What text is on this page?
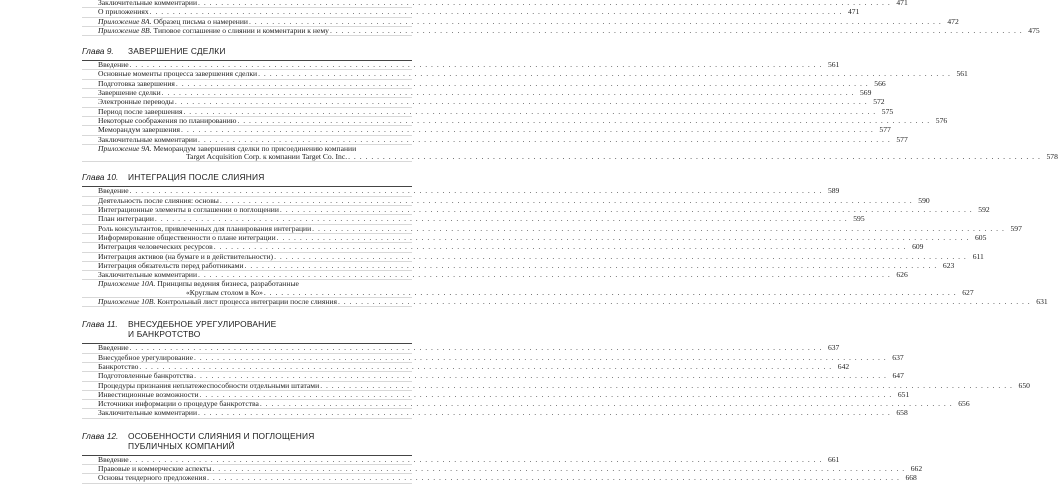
Заключительные комментарии . . . . . . . . . . . . . . . . . . . . . . . . . . . . . . . . . . . . . . . . . . . . . . . . . . . . . . . . . . . . . . . . . . . . . . . . . . . . . . . . . . . . . . . . . . . . . . . . . . . . . . . . . . . . . . . . . . . . . . . . 471
О приложениях . . . . . . . . . . . . . . . . . . . . . . . . . . . . . . . . . . . . . . . . . . . . . . . . . . . . . . . . . . . . . . . . . . . . . . . . . . . . . . . . . . . . . . . . . . . . . . . . . . . . . . . . . . . . . . . . . . . . . . . . 471
Приложение 8А. Образец письма о намерении . . . . . . . . . . . . . . . . . . . . . . . . . . . . . . . . . . . . . . . . . . . . . . . . . . . . . . . . . . . . . . . . . . . . . . . . . . . . . . . . . . . . . . . . . . . . . . . . . . . . . . . . . . . . . . . . . . . . . . . . 472
Приложение 8B. Типовое соглашение о слиянии и комментарии к нему . . . . . . . . . . . . . . . . . . . . . . . . . . . . . . . . . . . . . . . . . . . . . . . . . . . . . . . . . . . . . . . . . . . . . . . . . . . . . . . . . . . . . . . . . . . . . . . . . . . . . . . . . . . . . . . . . . . . . . . . 475
Глава 9.	ЗАВЕРШЕНИЕ СДЕЛКИ
Введение . . . . . . . . . . . . . . . . . . . . . . . . . . . . . . . . . . . . . . . . . . . . . . . . . . . . . . . . . . . . . . . . . . . . . . . . . . . . . . . . . . . . . . . . . . . . . . . . . . . . . . . . . . . . . . . . . . . . . . . . 561
Основные моменты процесса завершения сделки . . . . . . . . . . . . . . . . . . . . . . . . . . . . . . . . . . . . . . . . . . . . . . . . . . . . . . . . . . . . . . . . . . . . . . . . . . . . . . . . . . . . . . . . . . . . . . . . . . . . . . . . . . . . . . . . . . . . . . . . 561
Подготовка завершения . . . . . . . . . . . . . . . . . . . . . . . . . . . . . . . . . . . . . . . . . . . . . . . . . . . . . . . . . . . . . . . . . . . . . . . . . . . . . . . . . . . . . . . . . . . . . . . . . . . . . . . . . . . . . . . . . . . . . . . . 566
Завершение сделки . . . . . . . . . . . . . . . . . . . . . . . . . . . . . . . . . . . . . . . . . . . . . . . . . . . . . . . . . . . . . . . . . . . . . . . . . . . . . . . . . . . . . . . . . . . . . . . . . . . . . . . . . . . . . . . . . . . . . . . . 569
Электронные переводы . . . . . . . . . . . . . . . . . . . . . . . . . . . . . . . . . . . . . . . . . . . . . . . . . . . . . . . . . . . . . . . . . . . . . . . . . . . . . . . . . . . . . . . . . . . . . . . . . . . . . . . . . . . . . . . . . . . . . . . . 572
Период после завершения . . . . . . . . . . . . . . . . . . . . . . . . . . . . . . . . . . . . . . . . . . . . . . . . . . . . . . . . . . . . . . . . . . . . . . . . . . . . . . . . . . . . . . . . . . . . . . . . . . . . . . . . . . . . . . . . . . . . . . . . 575
Некоторые соображения по планированию . . . . . . . . . . . . . . . . . . . . . . . . . . . . . . . . . . . . . . . . . . . . . . . . . . . . . . . . . . . . . . . . . . . . . . . . . . . . . . . . . . . . . . . . . . . . . . . . . . . . . . . . . . . . . . . . . . . . . . . . 576
Меморандум завершения . . . . . . . . . . . . . . . . . . . . . . . . . . . . . . . . . . . . . . . . . . . . . . . . . . . . . . . . . . . . . . . . . . . . . . . . . . . . . . . . . . . . . . . . . . . . . . . . . . . . . . . . . . . . . . . . . . . . . . . . 577
Заключительные комментарии . . . . . . . . . . . . . . . . . . . . . . . . . . . . . . . . . . . . . . . . . . . . . . . . . . . . . . . . . . . . . . . . . . . . . . . . . . . . . . . . . . . . . . . . . . . . . . . . . . . . . . . . . . . . . . . . . . . . . . . . 577
Приложение 9А. Меморандум завершения сделки по присоединению компании
Target Acquisition Corp. к компании Target Co. Inc. . . . . . . . . . . . . . . . . . . . . . . . . . . . . . . . . . . . . . . . . . . . . . . . . . . . . . . . . . . . . . . . . . . . . . . . . . . . . . . . . . . . . . . . . . . . . . . . . . . . . . . . . . . . . . . . . . . . . . . . . 578
Глава 10.	ИНТЕГРАЦИЯ ПОСЛЕ СЛИЯНИЯ
Введение . . . . . . . . . . . . . . . . . . . . . . . . . . . . . . . . . . . . . . . . . . . . . . . . . . . . . . . . . . . . . . . . . . . . . . . . . . . . . . . . . . . . . . . . . . . . . . . . . . . . . . . . . . . . . . . . . . . . . . . . 589
Деятельность после слияния: основы . . . . . . . . . . . . . . . . . . . . . . . . . . . . . . . . . . . . . . . . . . . . . . . . . . . . . . . . . . . . . . . . . . . . . . . . . . . . . . . . . . . . . . . . . . . . . . . . . . . . . . . . . . . . . . . . . . . . . . . . 590
Интеграционные элементы в соглашении о поглощении . . . . . . . . . . . . . . . . . . . . . . . . . . . . . . . . . . . . . . . . . . . . . . . . . . . . . . . . . . . . . . . . . . . . . . . . . . . . . . . . . . . . . . . . . . . . . . . . . . . . . . . . . . . . . . . . . . . . . . . . 592
План интеграции . . . . . . . . . . . . . . . . . . . . . . . . . . . . . . . . . . . . . . . . . . . . . . . . . . . . . . . . . . . . . . . . . . . . . . . . . . . . . . . . . . . . . . . . . . . . . . . . . . . . . . . . . . . . . . . . . . . . . . . . 595
Роль консультантов, привлеченных для планирования интеграции . . . . . . . . . . . . . . . . . . . . . . . . . . . . . . . . . . . . . . . . . . . . . . . . . . . . . . . . . . . . . . . . . . . . . . . . . . . . . . . . . . . . . . . . . . . . . . . . . . . . . . . . . . . . . . . . . . . . . . . . 597
Информирование общественности о плане интеграции . . . . . . . . . . . . . . . . . . . . . . . . . . . . . . . . . . . . . . . . . . . . . . . . . . . . . . . . . . . . . . . . . . . . . . . . . . . . . . . . . . . . . . . . . . . . . . . . . . . . . . . . . . . . . . . . . . . . . . . . 605
Интеграция человеческих ресурсов . . . . . . . . . . . . . . . . . . . . . . . . . . . . . . . . . . . . . . . . . . . . . . . . . . . . . . . . . . . . . . . . . . . . . . . . . . . . . . . . . . . . . . . . . . . . . . . . . . . . . . . . . . . . . . . . . . . . . . . . 609
Интеграция активов (на бумаге и в действительности) . . . . . . . . . . . . . . . . . . . . . . . . . . . . . . . . . . . . . . . . . . . . . . . . . . . . . . . . . . . . . . . . . . . . . . . . . . . . . . . . . . . . . . . . . . . . . . . . . . . . . . . . . . . . . . . . . . . . . . . . 611
Интеграция обязательств перед работниками . . . . . . . . . . . . . . . . . . . . . . . . . . . . . . . . . . . . . . . . . . . . . . . . . . . . . . . . . . . . . . . . . . . . . . . . . . . . . . . . . . . . . . . . . . . . . . . . . . . . . . . . . . . . . . . . . . . . . . . . 623
Заключительные комментарии . . . . . . . . . . . . . . . . . . . . . . . . . . . . . . . . . . . . . . . . . . . . . . . . . . . . . . . . . . . . . . . . . . . . . . . . . . . . . . . . . . . . . . . . . . . . . . . . . . . . . . . . . . . . . . . . . . . . . . . . 626
Приложение 10А. Принципы ведения бизнеса, разработанные
«Круглым столом в Ко» . . . . . . . . . . . . . . . . . . . . . . . . . . . . . . . . . . . . . . . . . . . . . . . . . . . . . . . . . . . . . . . . . . . . . . . . . . . . . . . . . . . . . . . . . . . . . . . . . . . . . . . . . . . . . . . . . . . . . . . . 627
Приложение 10В. Контрольный лист процесса интеграции после слияния . . . . . . . . . . . . . . . . . . . . . . . . . . . . . . . . . . . . . . . . . . . . . . . . . . . . . . . . . . . . . . . . . . . . . . . . . . . . . . . . . . . . . . . . . . . . . . . . . . . . . . . . . . . . . . . . . . . . . . . . 631
Глава 11.	ВНЕСУДЕБНОЕ УРЕГУЛИРОВАНИЕ
И БАНКРОТСТВО
Введение . . . . . . . . . . . . . . . . . . . . . . . . . . . . . . . . . . . . . . . . . . . . . . . . . . . . . . . . . . . . . . . . . . . . . . . . . . . . . . . . . . . . . . . . . . . . . . . . . . . . . . . . . . . . . . . . . . . . . . . . 637
Внесудебное урегулирование . . . . . . . . . . . . . . . . . . . . . . . . . . . . . . . . . . . . . . . . . . . . . . . . . . . . . . . . . . . . . . . . . . . . . . . . . . . . . . . . . . . . . . . . . . . . . . . . . . . . . . . . . . . . . . . . . . . . . . . . 637
Банкротство . . . . . . . . . . . . . . . . . . . . . . . . . . . . . . . . . . . . . . . . . . . . . . . . . . . . . . . . . . . . . . . . . . . . . . . . . . . . . . . . . . . . . . . . . . . . . . . . . . . . . . . . . . . . . . . . . . . . . . . . 642
Подготовленные банкротства . . . . . . . . . . . . . . . . . . . . . . . . . . . . . . . . . . . . . . . . . . . . . . . . . . . . . . . . . . . . . . . . . . . . . . . . . . . . . . . . . . . . . . . . . . . . . . . . . . . . . . . . . . . . . . . . . . . . . . . . 647
Процедуры признания неплатежеспособности отдельными штатами . . . . . . . . . . . . . . . . . . . . . . . . . . . . . . . . . . . . . . . . . . . . . . . . . . . . . . . . . . . . . . . . . . . . . . . . . . . . . . . . . . . . . . . . . . . . . . . . . . . . . . . . . . . . . . . . . . . . . . . . 650
Инвестиционные возможности . . . . . . . . . . . . . . . . . . . . . . . . . . . . . . . . . . . . . . . . . . . . . . . . . . . . . . . . . . . . . . . . . . . . . . . . . . . . . . . . . . . . . . . . . . . . . . . . . . . . . . . . . . . . . . . . . . . . . . . . 651
Источники информации о процедуре банкротства . . . . . . . . . . . . . . . . . . . . . . . . . . . . . . . . . . . . . . . . . . . . . . . . . . . . . . . . . . . . . . . . . . . . . . . . . . . . . . . . . . . . . . . . . . . . . . . . . . . . . . . . . . . . . . . . . . . . . . . . 656
Заключительные комментарии . . . . . . . . . . . . . . . . . . . . . . . . . . . . . . . . . . . . . . . . . . . . . . . . . . . . . . . . . . . . . . . . . . . . . . . . . . . . . . . . . . . . . . . . . . . . . . . . . . . . . . . . . . . . . . . . . . . . . . . . 658
Глава 12.	ОСОБЕННОСТИ СЛИЯНИЯ И ПОГЛОЩЕНИЯ
ПУБЛИЧНЫХ КОМПАНИЙ
Введение . . . . . . . . . . . . . . . . . . . . . . . . . . . . . . . . . . . . . . . . . . . . . . . . . . . . . . . . . . . . . . . . . . . . . . . . . . . . . . . . . . . . . . . . . . . . . . . . . . . . . . . . . . . . . . . . . . . . . . . . 661
Правовые и коммерческие аспекты . . . . . . . . . . . . . . . . . . . . . . . . . . . . . . . . . . . . . . . . . . . . . . . . . . . . . . . . . . . . . . . . . . . . . . . . . . . . . . . . . . . . . . . . . . . . . . . . . . . . . . . . . . . . . . . . . . . . . . . . 662
Основы тендерного предложения . . . . . . . . . . . . . . . . . . . . . . . . . . . . . . . . . . . . . . . . . . . . . . . . . . . . . . . . . . . . . . . . . . . . . . . . . . . . . . . . . . . . . . . . . . . . . . . . . . . . . . . . . . . . . . . . . . . . . . . . 668
